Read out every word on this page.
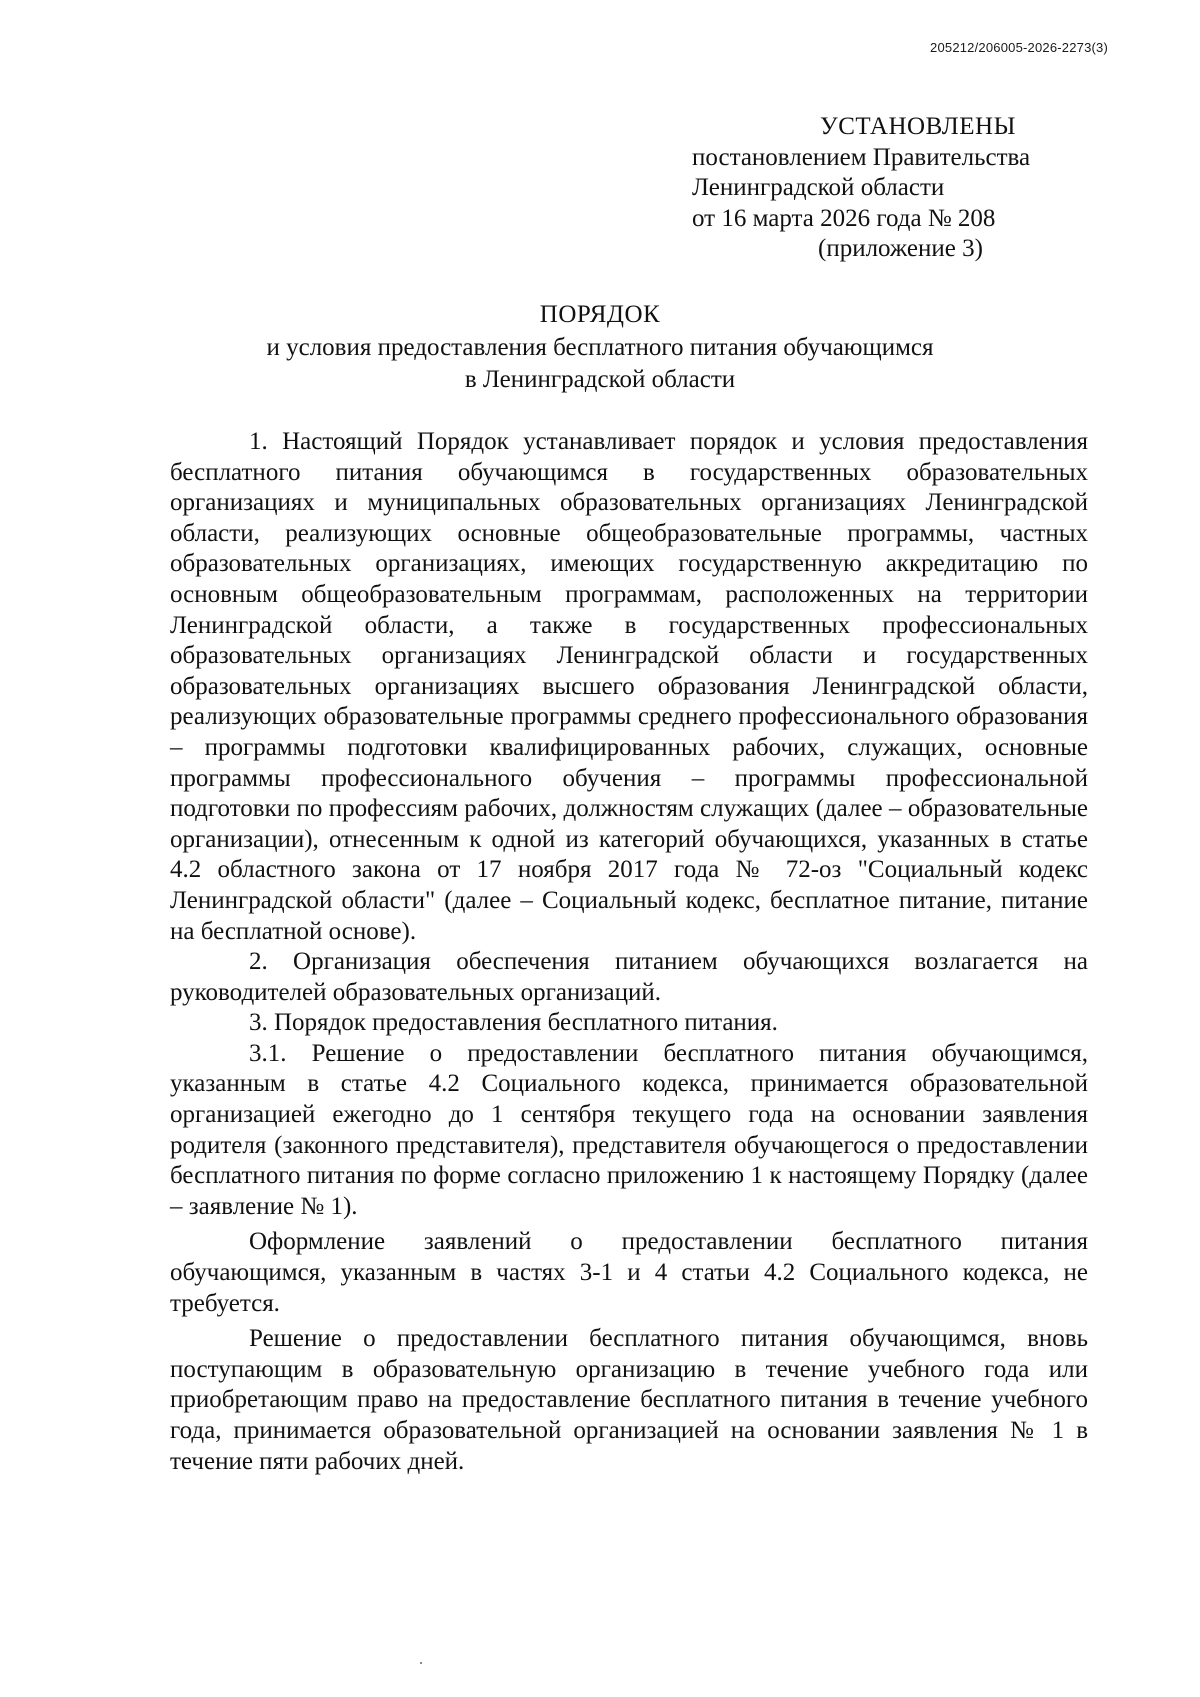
205212/206005-2026-2273(3)
УСТАНОВЛЕНЫ
постановлением Правительства
Ленинградской области
от 16 марта 2026 года № 208
(приложение 3)
ПОРЯДОК
и условия предоставления бесплатного питания обучающимся
в Ленинградской области

1. Настоящий Порядок устанавливает порядок и условия предоставления бесплатного питания обучающимся в государственных образовательных организациях и муниципальных образовательных организациях Ленинградской области, реализующих основные общеобразовательные программы, частных образовательных организациях, имеющих государственную аккредитацию по основным общеобразовательным программам, расположенных на территории Ленинградской области, а также в государственных профессиональных образовательных организациях Ленинградской области и государственных образовательных организациях высшего образования Ленинградской области, реализующих образовательные программы среднего профессионального образования – программы подготовки квалифицированных рабочих, служащих, основные программы профессионального обучения – программы профессиональной подготовки по профессиям рабочих, должностям служащих (далее – образовательные организации), отнесенным к одной из категорий обучающихся, указанных в статье 4.2 областного закона от 17 ноября 2017 года № 72-оз "Социальный кодекс Ленинградской области" (далее – Социальный кодекс, бесплатное питание, питание на бесплатной основе).

2. Организация обеспечения питанием обучающихся возлагается на руководителей образовательных организаций.

3. Порядок предоставления бесплатного питания.

3.1. Решение о предоставлении бесплатного питания обучающимся, указанным в статье 4.2 Социального кодекса, принимается образовательной организацией ежегодно до 1 сентября текущего года на основании заявления родителя (законного представителя), представителя обучающегося о предоставлении бесплатного питания по форме согласно приложению 1 к настоящему Порядку (далее – заявление № 1).

Оформление заявлений о предоставлении бесплатного питания обучающимся, указанным в частях 3-1 и 4 статьи 4.2 Социального кодекса, не требуется.

Решение о предоставлении бесплатного питания обучающимся, вновь поступающим в образовательную организацию в течение учебного года или приобретающим право на предоставление бесплатного питания в течение учебного года, принимается образовательной организацией на основании заявления № 1 в течение пяти рабочих дней.
